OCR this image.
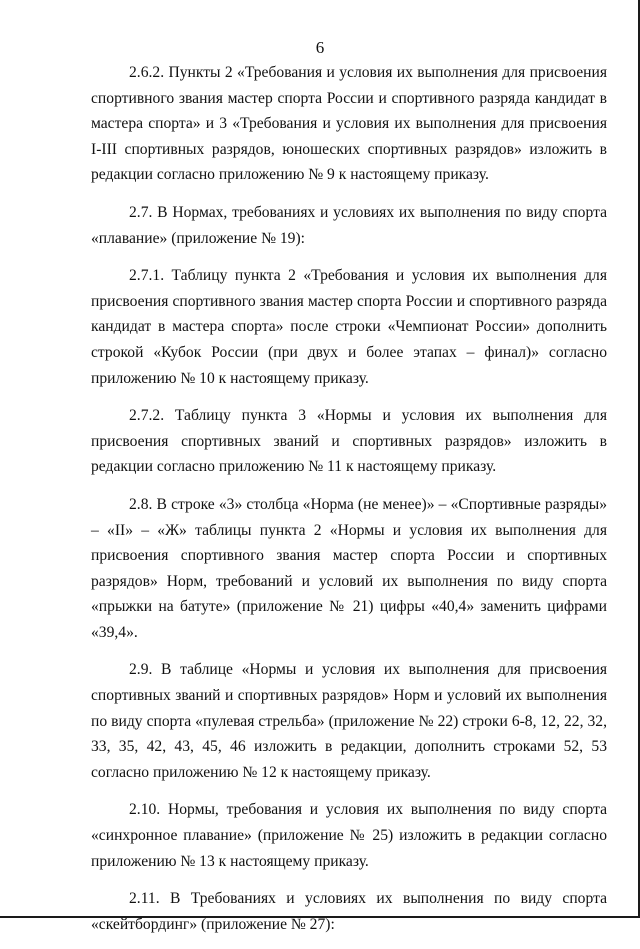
6

2.6.2. Пункты 2 «Требования и условия их выполнения для присвоения спортивного звания мастер спорта России и спортивного разряда кандидат в мастера спорта» и 3 «Требования и условия их выполнения для присвоения I-III спортивных разрядов, юношеских спортивных разрядов» изложить в редакции согласно приложению № 9 к настоящему приказу.

2.7. В Нормах, требованиях и условиях их выполнения по виду спорта «плавание» (приложение № 19):

2.7.1. Таблицу пункта 2 «Требования и условия их выполнения для присвоения спортивного звания мастер спорта России и спортивного разряда кандидат в мастера спорта» после строки «Чемпионат России» дополнить строкой «Кубок России (при двух и более этапах – финал)» согласно приложению № 10 к настоящему приказу.

2.7.2. Таблицу пункта 3 «Нормы и условия их выполнения для присвоения спортивных званий и спортивных разрядов» изложить в редакции согласно приложению № 11 к настоящему приказу.

2.8. В строке «3» столбца «Норма (не менее)» – «Спортивные разряды» – «II» – «Ж» таблицы пункта 2 «Нормы и условия их выполнения для присвоения спортивного звания мастер спорта России и спортивных разрядов» Норм, требований и условий их выполнения по виду спорта «прыжки на батуте» (приложение № 21) цифры «40,4» заменить цифрами «39,4».

2.9. В таблице «Нормы и условия их выполнения для присвоения спортивных званий и спортивных разрядов» Норм и условий их выполнения по виду спорта «пулевая стрельба» (приложение № 22) строки 6-8, 12, 22, 32, 33, 35, 42, 43, 45, 46 изложить в редакции, дополнить строками 52, 53 согласно приложению № 12 к настоящему приказу.

2.10. Нормы, требования и условия их выполнения по виду спорта «синхронное плавание» (приложение № 25) изложить в редакции согласно приложению № 13 к настоящему приказу.

2.11. В Требованиях и условиях их выполнения по виду спорта «скейтбординг» (приложение № 27):
